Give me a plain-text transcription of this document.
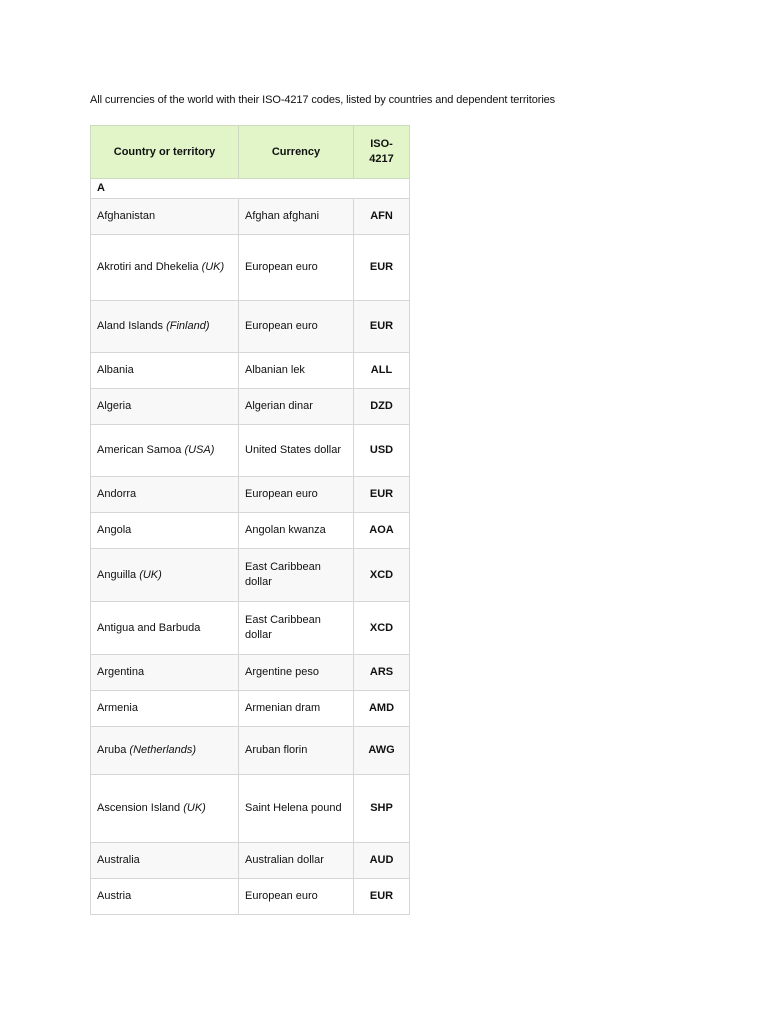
All currencies of the world with their ISO-4217 codes, listed by countries and dependent territories
Country or territory	Currency	ISO-
4217
A		
Afghanistan	Afghan afghani	AFN
Akrotiri and Dhekelia (UK)	European euro	EUR
Aland Islands (Finland)	European euro	EUR
Albania	Albanian lek	ALL
Algeria	Algerian dinar	DZD
American Samoa (USA)	United States dollar	USD
Andorra	European euro	EUR
Angola	Angolan kwanza	AOA
Anguilla (UK)	East Caribbean dollar	XCD
Antigua and Barbuda	East Caribbean dollar	XCD
Argentina	Argentine peso	ARS
Armenia	Armenian dram	AMD
Aruba (Netherlands)	Aruban florin	AWG
Ascension Island (UK)	Saint Helena pound	SHP
Australia	Australian dollar	AUD
Austria	European euro	EUR
